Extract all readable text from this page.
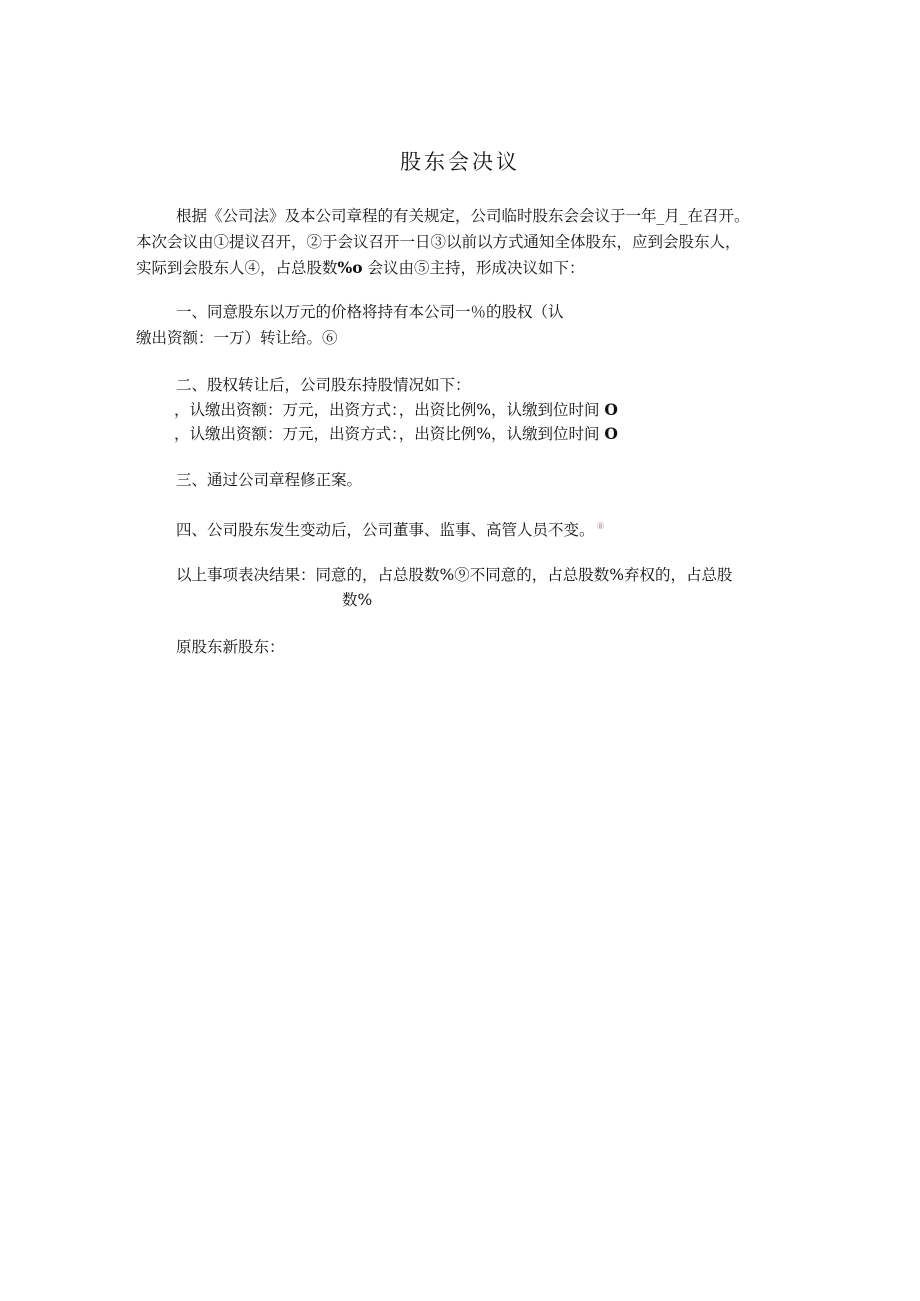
股东会决议
根据《公司法》及本公司章程的有关规定，公司临时股东会会议于一年_月_在召开。
本次会议由①提议召开，②于会议召开一日③以前以方式通知全体股东，应到会股东人，
实际到会股东人④，占总股数%o 会议由⑤主持，形成决议如下：
一、同意股东以万元的价格将持有本公司一％的股权（认
缴出资额：一万）转让给。⑥
二、股权转让后，公司股东持股情况如下：
，认缴出资额：万元，出资方式：，出资比例%，认缴到位时间 O
，认缴出资额：万元，出资方式：，出资比例%，认缴到位时间 O
三、通过公司章程修正案。
四、公司股东发生变动后，公司董事、监事、高管人员不变。 ⑧
以上事项表决结果：同意的，占总股数%⑨不同意的，占总股数%弃权的，占总股
数%
原股东新股东：
